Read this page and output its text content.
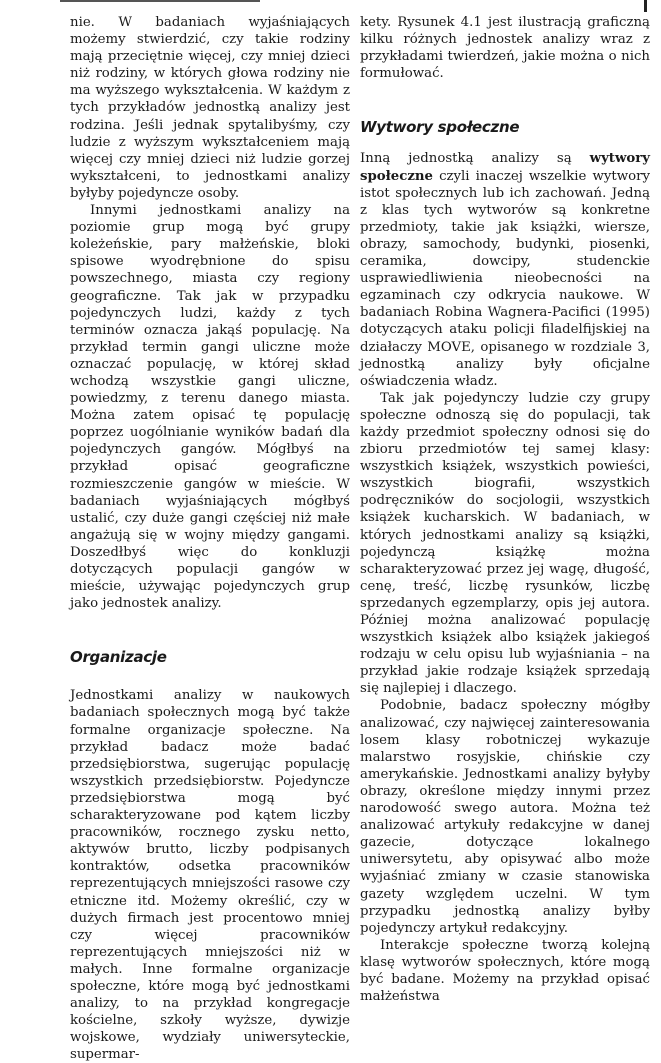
nie. W badaniach wyjaśniających możemy stwierdzić, czy takie rodziny mają przeciętnie więcej, czy mniej dzieci niż rodziny, w których głowa rodziny nie ma wyższego wykształcenia. W każdym z tych przykładów jednostką analizy jest rodzina. Jeśli jednak spytalibyśmy, czy ludzie z wyższym wykształceniem mają więcej czy mniej dzieci niż ludzie gorzej wykształceni, to jednostkami analizy byłyby pojedyncze osoby.

Innymi jednostkami analizy na poziomie grup mogą być grupy koleżeńskie, pary małżeńskie, bloki spisowe wyodrębnione do spisu powszechnego, miasta czy regiony geograficzne. Tak jak w przypadku pojedynczych ludzi, każdy z tych terminów oznacza jakąś populację. Na przykład termin gangi uliczne może oznaczać populację, w której skład wchodzą wszystkie gangi uliczne, powiedzmy, z terenu danego miasta. Można zatem opisać tę populację poprzez uogólnianie wyników badań dla pojedynczych gangów. Mógłbyś na przykład opisać geograficzne rozmieszczenie gangów w mieście. W badaniach wyjaśniających mógłbyś ustalić, czy duże gangi częściej niż małe angażują się w wojny między gangami. Doszedłbyś więc do konkluzji dotyczących populacji gangów w mieście, używając pojedynczych grup jako jednostek analizy.

Organizacje

Jednostkami analizy w naukowych badaniach społecznych mogą być także formalne organizacje społeczne. Na przykład badacz może badać przedsiębiorstwa, sugerując populację wszystkich przedsiębiorstw. Pojedyncze przedsiębiorstwa mogą być scharakteryzowane pod kątem liczby pracowników, rocznego zysku netto, aktywów brutto, liczby podpisanych kontraktów, odsetka pracowników reprezentujących mniejszości rasowe czy etniczne itd. Możemy określić, czy w dużych firmach jest procentowo mniej czy więcej pracowników reprezentujących mniejszości niż w małych. Inne formalne organizacje społeczne, które mogą być jednostkami analizy, to na przykład kongregacje kościelne, szkoły wyższe, dywizje wojskowe, wydziały uniwersyteckie, supermar-

kety. Rysunek 4.1 jest ilustracją graficzną kilku różnych jednostek analizy wraz z przykładami twierdzeń, jakie można o nich formułować.

Wytwory społeczne

Inną jednostką analizy są wytwory społeczne czyli inaczej wszelkie wytwory istot społecznych lub ich zachowań. Jedną z klas tych wytworów są konkretne przedmioty, takie jak książki, wiersze, obrazy, samochody, budynki, piosenki, ceramika, dowcipy, studenckie usprawiedliwienia nieobecności na egzaminach czy odkrycia naukowe. W badaniach Robina Wagnera-Pacifici (1995) dotyczących ataku policji filadelfijskiej na działaczy MOVE, opisanego w rozdziale 3, jednostką analizy były oficjalne oświadczenia władz.

Tak jak pojedynczy ludzie czy grupy społeczne odnoszą się do populacji, tak każdy przedmiot społeczny odnosi się do zbioru przedmiotów tej samej klasy: wszystkich książek, wszystkich powieści, wszystkich biografii, wszystkich podręczników do socjologii, wszystkich książek kucharskich. W badaniach, w których jednostkami analizy są książki, pojedynczą książkę można scharakteryzować przez jej wagę, długość, cenę, treść, liczbę rysunków, liczbę sprzedanych egzemplarzy, opis jej autora. Później można analizować populację wszystkich książek albo książek jakiegoś rodzaju w celu opisu lub wyjaśniania – na przykład jakie rodzaje książek sprzedają się najlepiej i dlaczego.

Podobnie, badacz społeczny mógłby analizować, czy najwięcej zainteresowania losem klasy robotniczej wykazuje malarstwo rosyjskie, chińskie czy amerykańskie. Jednostkami analizy byłyby obrazy, określone między innymi przez narodowość swego autora. Można też analizować artykuły redakcyjne w danej gazecie, dotyczące lokalnego uniwersytetu, aby opisywać albo może wyjaśniać zmiany w czasie stanowiska gazety względem uczelni. W tym przypadku jednostką analizy byłby pojedynczy artykuł redakcyjny.

Interakcje społeczne tworzą kolejną klasę wytworów społecznych, które mogą być badane. Możemy na przykład opisać małżeństwa
